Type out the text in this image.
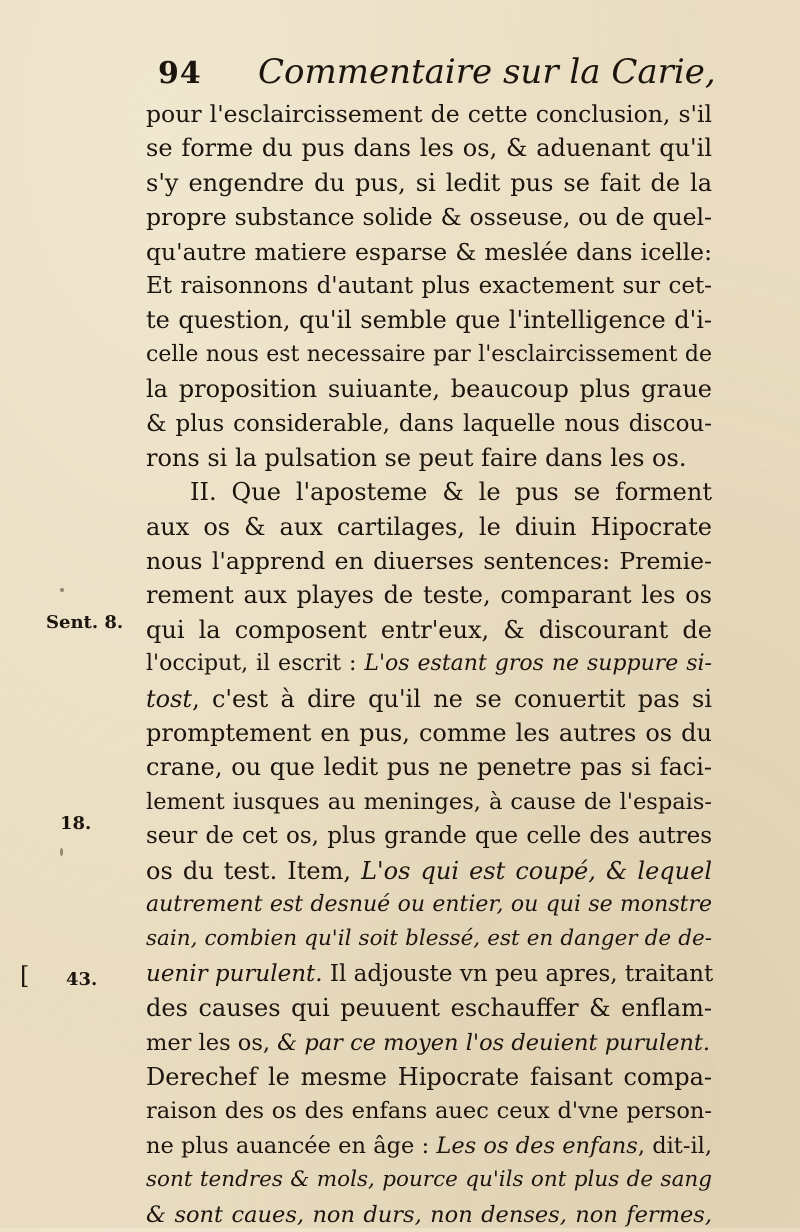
94 Commentaire sur la Carie,
Sent. 8.
18.
43.
[
pour l'esclaircissement de cette conclusion, s'il
se forme du pus dans les os, & aduenant qu'il
s'y engendre du pus, si ledit pus se fait de la
propre substance solide & osseuse, ou de quel-
qu'autre matiere esparse & meslée dans icelle:
Et raisonnons d'autant plus exactement sur cet-
te question, qu'il semble que l'intelligence d'i-
celle nous est necessaire par l'esclaircissement de
la proposition suiuante, beaucoup plus graue
& plus considerable, dans laquelle nous discou-
rons si la pulsation se peut faire dans les os.
II. Que l'aposteme & le pus se forment
aux os & aux cartilages, le diuin Hipocrate
nous l'apprend en diuerses sentences: Premie-
rement aux playes de teste, comparant les os
qui la composent entr'eux, & discourant de
l'occiput, il escrit : L'os estant gros ne suppure si-
tost, c'est à dire qu'il ne se conuertit pas si
promptement en pus, comme les autres os du
crane, ou que ledit pus ne penetre pas si faci-
lement iusques au meninges, à cause de l'espais-
seur de cet os, plus grande que celle des autres
os du test. Item, L'os qui est coupé, & lequel
autrement est desnué ou entier, ou qui se monstre
sain, combien qu'il soit blessé, est en danger de de-
uenir purulent. Il adjouste vn peu apres, traitant
des causes qui peuuent eschauffer & enflam-
mer les os, & par ce moyen l'os deuient purulent.
Derechef le mesme Hipocrate faisant compa-
raison des os des enfans auec ceux d'vne person-
ne plus auancée en âge : Les os des enfans, dit-il,
sont tendres & mols, pource qu'ils ont plus de sang
& sont caues, non durs, non denses, non fermes,
